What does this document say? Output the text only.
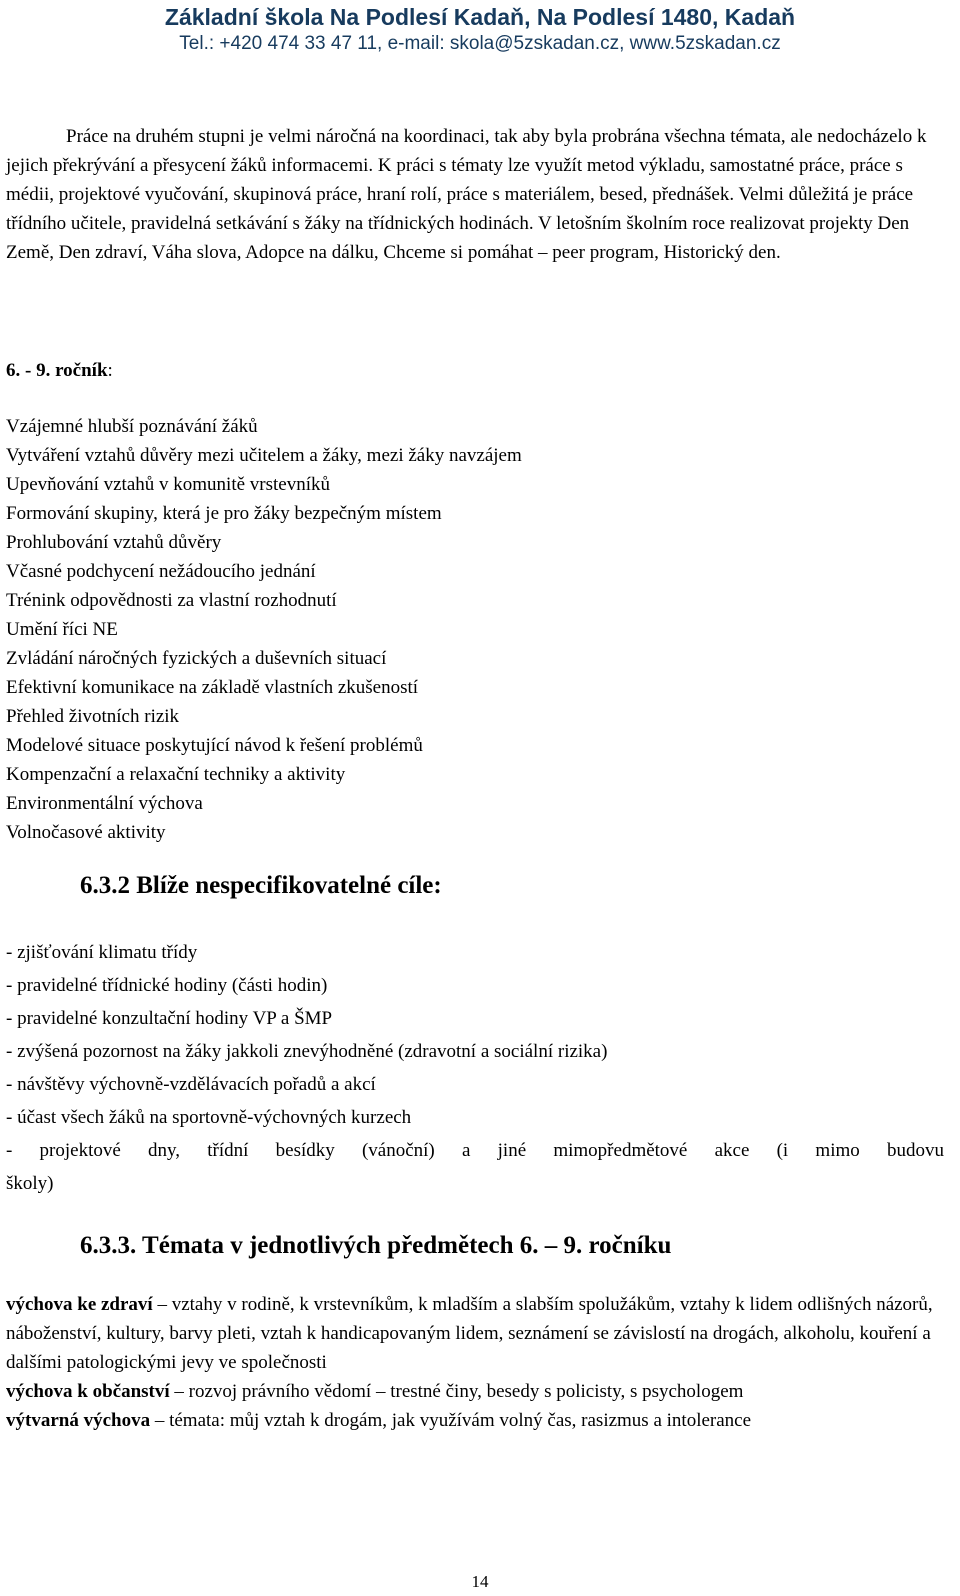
Základní škola Na Podlesí Kadaň, Na Podlesí 1480, Kadaň
Tel.: +420 474 33 47 11, e-mail: skola@5zskadan.cz, www.5zskadan.cz

Práce na druhém stupni je velmi náročná na koordinaci, tak aby byla probrána všechna témata, ale nedocházelo k jejich překrývání a přesycení žáků informacemi. K práci s tématy lze využít metod výkladu, samostatné práce, práce s médii, projektové vyučování, skupinová práce, hraní rolí, práce s materiálem, besed, přednášek. Velmi důležitá je práce třídního učitele, pravidelná setkávání s žáky na třídnických hodinách. V letošním školním roce realizovat projekty Den Země, Den zdraví, Váha slova, Adopce na dálku, Chceme si pomáhat – peer program, Historický den.

6. - 9. ročník:
Vzájemné hlubší poznávání žáků
Vytváření vztahů důvěry mezi učitelem a žáky, mezi žáky navzájem
Upevňování vztahů v komunitě vrstevníků
Formování skupiny, která je pro žáky bezpečným místem
Prohlubování vztahů důvěry
Včasné podchycení nežádoucího jednání
Trénink odpovědnosti za vlastní rozhodnutí
Umění říci NE
Zvládání náročných fyzických a duševních situací
Efektivní komunikace na základě vlastních zkušeností
Přehled životních rizik
Modelové situace poskytující návod k řešení problémů
Kompenzační a relaxační techniky a aktivity
Environmentální výchova
Volnočasové aktivity
6.3.2 Blíže nespecifikovatelné cíle:
- zjišťování klimatu třídy
- pravidelné třídnické hodiny (části hodin)
- pravidelné konzultační hodiny VP a ŠMP
- zvýšená pozornost na žáky jakkoli znevýhodněné (zdravotní a sociální rizika)
- návštěvy výchovně-vzdělávacích pořadů a akcí
- účast všech žáků na sportovně-výchovných kurzech
- projektové dny, třídní besídky (vánoční) a jiné mimopředmětové akce (i mimo budovu
školy)
6.3.3. Témata v jednotlivých předmětech 6. – 9. ročníku

výchova ke zdraví – vztahy v rodině, k vrstevníkům, k mladším a slabším spolužákům, vztahy k lidem odlišných názorů, náboženství, kultury, barvy pleti, vztah k handicapovaným lidem, seznámení se závislostí na drogách, alkoholu, kouření a dalšími patologickými jevy ve společnosti

výchova k občanství – rozvoj právního vědomí – trestné činy, besedy s policisty, s psychologem

výtvarná výchova – témata: můj vztah k drogám, jak využívám volný čas, rasizmus a intolerance

14
